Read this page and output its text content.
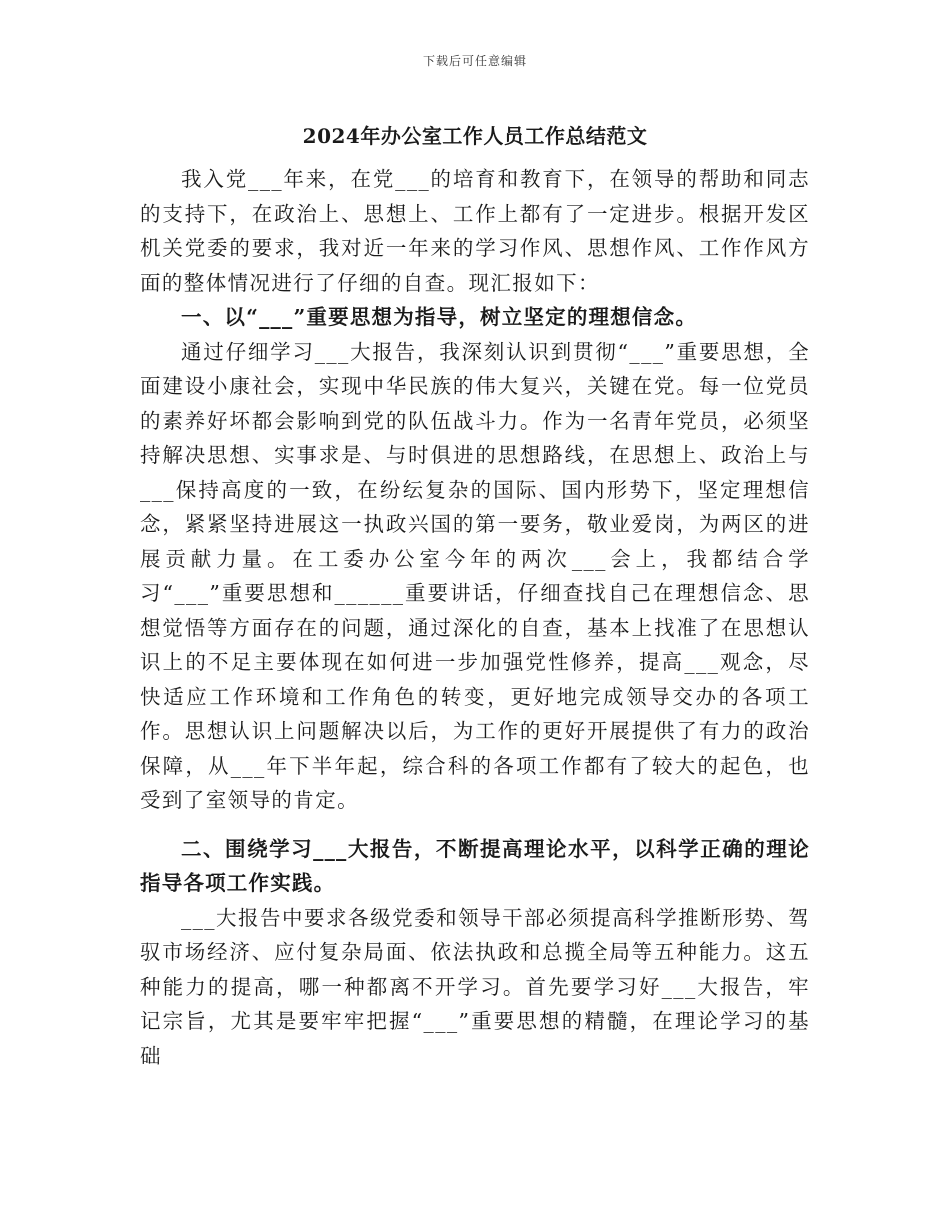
下载后可任意编辑
2024年办公室工作人员工作总结范文

我入党___年来，在党___的培育和教育下，在领导的帮助和同志的支持下，在政治上、思想上、工作上都有了一定进步。根据开发区机关党委的要求，我对近一年来的学习作风、思想作风、工作作风方面的整体情况进行了仔细的自查。现汇报如下：

一、以“___”重要思想为指导，树立坚定的理想信念。

通过仔细学习___大报告，我深刻认识到贯彻“___”重要思想，全面建设小康社会，实现中华民族的伟大复兴，关键在党。每一位党员的素养好坏都会影响到党的队伍战斗力。作为一名青年党员，必须坚持解决思想、实事求是、与时俱进的思想路线，在思想上、政治上与___保持高度的一致，在纷纭复杂的国际、国内形势下，坚定理想信念，紧紧坚持进展这一执政兴国的第一要务，敬业爱岗，为两区的进展贡献力量。在工委办公室今年的两次___会上，我都结合学习“___”重要思想和______重要讲话，仔细查找自己在理想信念、思想觉悟等方面存在的问题，通过深化的自查，基本上找准了在思想认识上的不足主要体现在如何进一步加强党性修养，提高___观念，尽快适应工作环境和工作角色的转变，更好地完成领导交办的各项工作。思想认识上问题解决以后，为工作的更好开展提供了有力的政治保障，从___年下半年起，综合科的各项工作都有了较大的起色，也受到了室领导的肯定。

二、围绕学习___大报告，不断提高理论水平，以科学正确的理论指导各项工作实践。

___大报告中要求各级党委和领导干部必须提高科学推断形势、驾驭市场经济、应付复杂局面、依法执政和总揽全局等五种能力。这五种能力的提高，哪一种都离不开学习。首先要学习好___大报告，牢记宗旨，尤其是要牢牢把握“___”重要思想的精髓，在理论学习的基础
